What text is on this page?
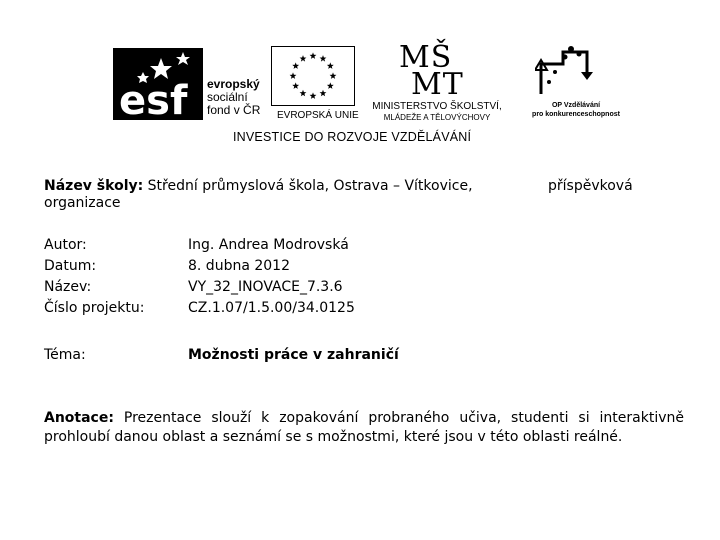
esf evropský
sociální
fond v ČR EVROPSKÁ UNIE
MŠ
MT
MINISTERSTVO ŠKOLSTVÍ,
MLÁDEŽE A TĚLOVÝCHOVY
OP Vzdělávání
pro konkurenceschopnost
INVESTICE DO ROZVOJE VZDĚLÁVÁNÍ
Název školy: Střední průmyslová škola, Ostrava – Vítkovice,	příspěvková
organizace
Autor:
Datum:
Název:
Číslo projektu:
Ing. Andrea Modrovská
8. dubna 2012
VY_32_INOVACE_7.3.6
CZ.1.07/1.5.00/34.0125
Téma:	Možnosti práce v zahraničí
Anotace: Prezentace slouží k zopakování probraného učiva, studenti si interaktivně prohloubí danou oblast a seznámí se s možnostmi, které jsou v této oblasti reálné.
